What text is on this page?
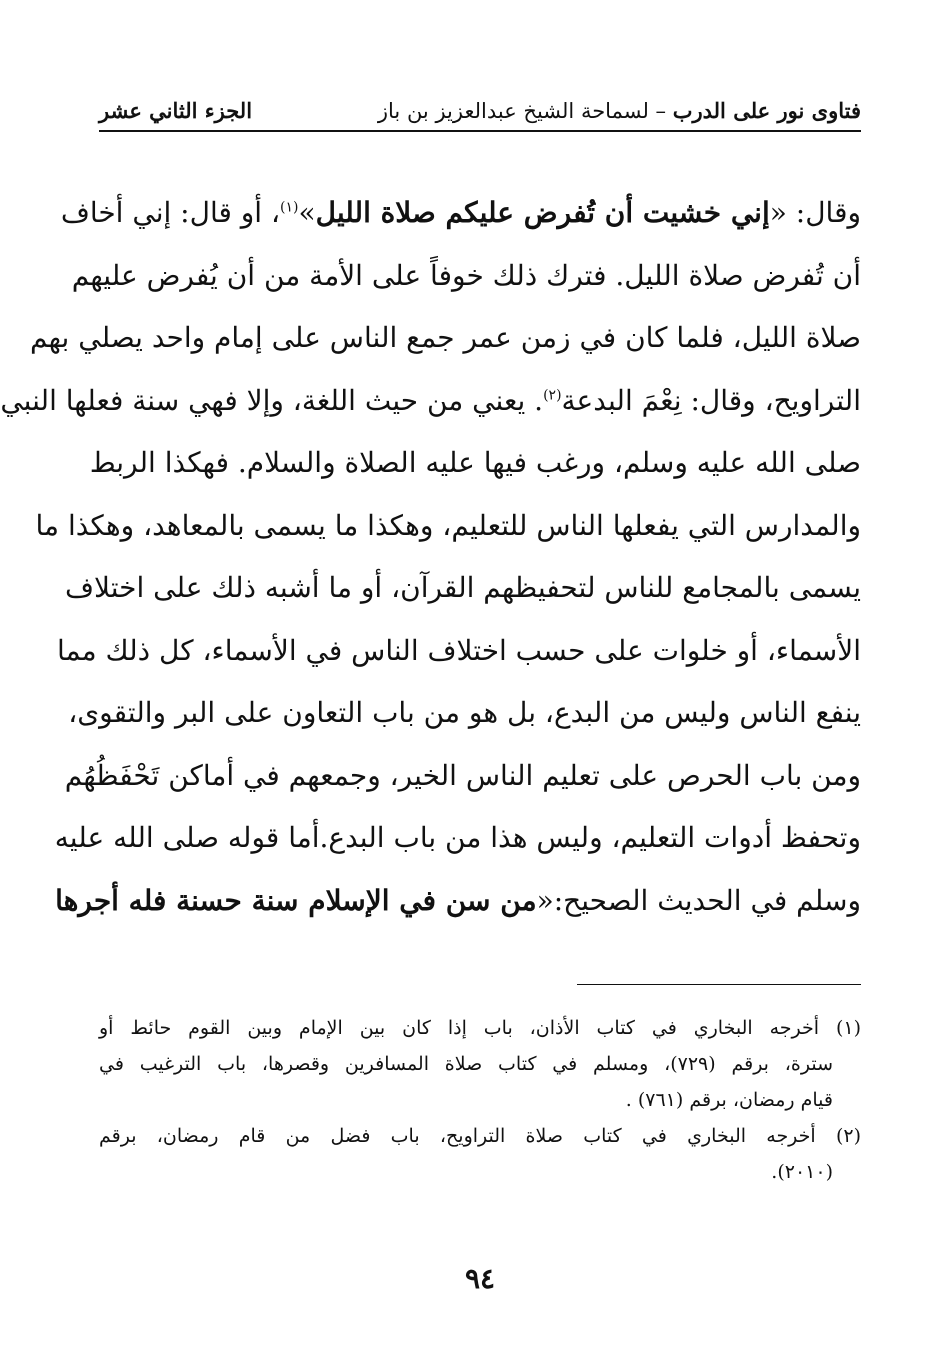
فتاوى نور على الدرب – لسماحة الشيخ عبدالعزيز بن باز
الجزء الثاني عشر
وقال: «إني خشيت أن تُفرض عليكم صلاة الليل»$^{(١)}$، أو قال: إني أخاف
أن تُفرض صلاة الليل. فترك ذلك خوفاً على الأمة من أن يُفرض عليهم
صلاة الليل، فلما كان في زمن عمر جمع الناس على إمام واحد يصلي بهم
التراويح، وقال: نِعْمَ البدعة$^{(٢)}$. يعني من حيث اللغة، وإلا فهي سنة فعلها النبي
صلى الله عليه وسلم، ورغب فيها عليه الصلاة والسلام. فهكذا الربط
والمدارس التي يفعلها الناس للتعليم، وهكذا ما يسمى بالمعاهد، وهكذا ما
يسمى بالمجامع للناس لتحفيظهم القرآن، أو ما أشبه ذلك على اختلاف
الأسماء، أو خلوات على حسب اختلاف الناس في الأسماء، كل ذلك مما
ينفع الناس وليس من البدع، بل هو من باب التعاون على البر والتقوى،
ومن باب الحرص على تعليم الناس الخير، وجمعهم في أماكن تَحْفَظُهُم
وتحفظ أدوات التعليم، وليس هذا من باب البدع.أما قوله صلى الله عليه
وسلم في الحديث الصحيح:«من سن في الإسلام سنة حسنة فله أجرها
(١) أخرجه البخاري في كتاب الأذان، باب إذا كان بين الإمام وبين القوم حائط أو
سترة، برقم (٧٢٩)، ومسلم في كتاب صلاة المسافرين وقصرها، باب الترغيب في
قيام رمضان، برقم (٧٦١) .
(٢) أخرجه البخاري في كتاب صلاة التراويح، باب فضل من قام رمضان، برقم
(٢٠١٠).
٩٤
